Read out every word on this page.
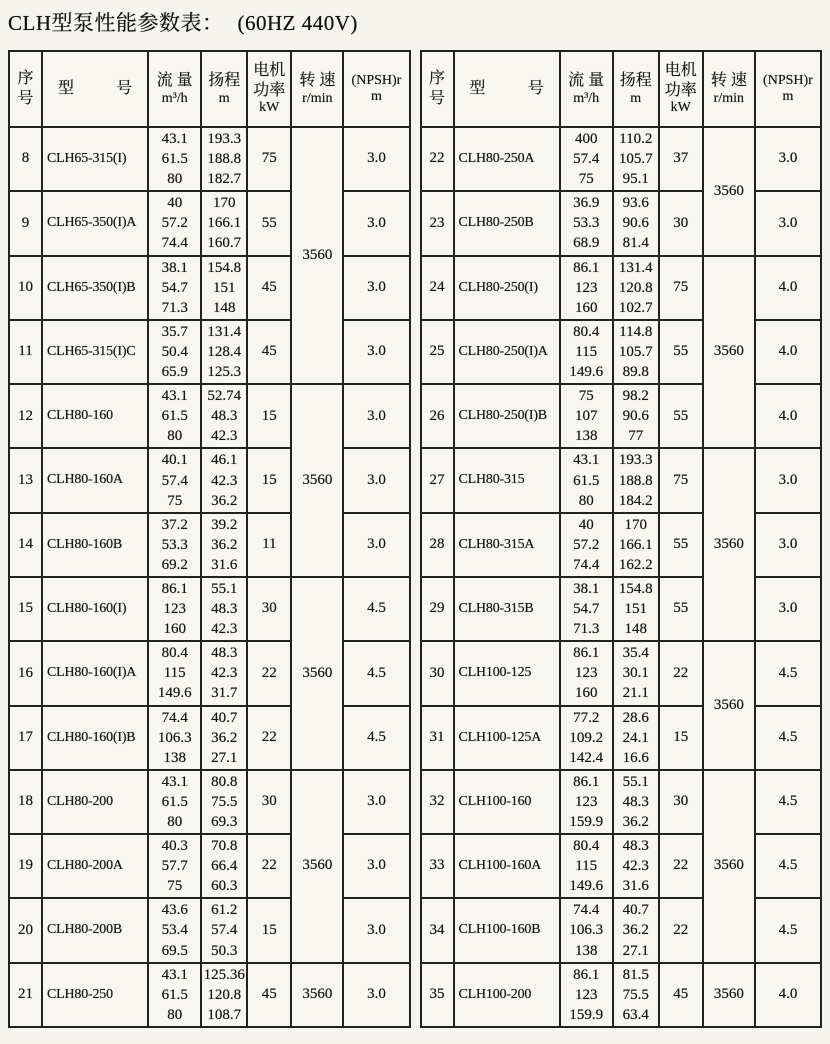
CLH型泵性能参数表： (60HZ 440V)
序
号	型 号	流 量
m³/h	扬程
m	电机
功率
kW	转 速
r/min	(NPSH)r
m

8	CLH65-315(I)	43.1
61.5
80	193.3
188.8
182.7	75	3560	3.0
9	CLH65-350(I)A	40
57.2
74.4	170
166.1
160.7	55		3.0
10	CLH65-350(I)B	38.1
54.7
71.3	154.8
151
148	45		3.0
11	CLH65-315(I)C	35.7
50.4
65.9	131.4
128.4
125.3	45		3.0
12	CLH80-160	43.1
61.5
80	52.74
48.3
42.3	15	3560	3.0
13	CLH80-160A	40.1
57.4
75	46.1
42.3
36.2	15		3.0
14	CLH80-160B	37.2
53.3
69.2	39.2
36.2
31.6	11		3.0
15	CLH80-160(I)	86.1
123
160	55.1
48.3
42.3	30	3560	4.5
16	CLH80-160(I)A	80.4
115
149.6	48.3
42.3
31.7	22		4.5
17	CLH80-160(I)B	74.4
106.3
138	40.7
36.2
27.1	22		4.5
18	CLH80-200	43.1
61.5
80	80.8
75.5
69.3	30	3560	3.0
19	CLH80-200A	40.3
57.7
75	70.8
66.4
60.3	22		3.0
20	CLH80-200B	43.6
53.4
69.5	61.2
57.4
50.3	15		3.0
21	CLH80-250	43.1
61.5
80	125.36
120.8
108.7	45	3560	3.0
序
号	型 号	流 量
m³/h	扬程
m	电机
功率
kW	转 速
r/min	(NPSH)r
m

22	CLH80-250A	400
57.4
75	110.2
105.7
95.1	37	3560	3.0
23	CLH80-250B	36.9
53.3
68.9	93.6
90.6
81.4	30		3.0
24	CLH80-250(I)	86.1
123
160	131.4
120.8
102.7	75	3560	4.0
25	CLH80-250(I)A	80.4
115
149.6	114.8
105.7
89.8	55		4.0
26	CLH80-250(I)B	75
107
138	98.2
90.6
77	55		4.0
27	CLH80-315	43.1
61.5
80	193.3
188.8
184.2	75	3560	3.0
28	CLH80-315A	40
57.2
74.4	170
166.1
162.2	55		3.0
29	CLH80-315B	38.1
54.7
71.3	154.8
151
148	55		3.0
30	CLH100-125	86.1
123
160	35.4
30.1
21.1	22	3560	4.5
31	CLH100-125A	77.2
109.2
142.4	28.6
24.1
16.6	15		4.5
32	CLH100-160	86.1
123
159.9	55.1
48.3
36.2	30	3560	4.5
33	CLH100-160A	80.4
115
149.6	48.3
42.3
31.6	22		4.5
34	CLH100-160B	74.4
106.3
138	40.7
36.2
27.1	22		4.5
35	CLH100-200	86.1
123
159.9	81.5
75.5
63.4	45	3560	4.0
